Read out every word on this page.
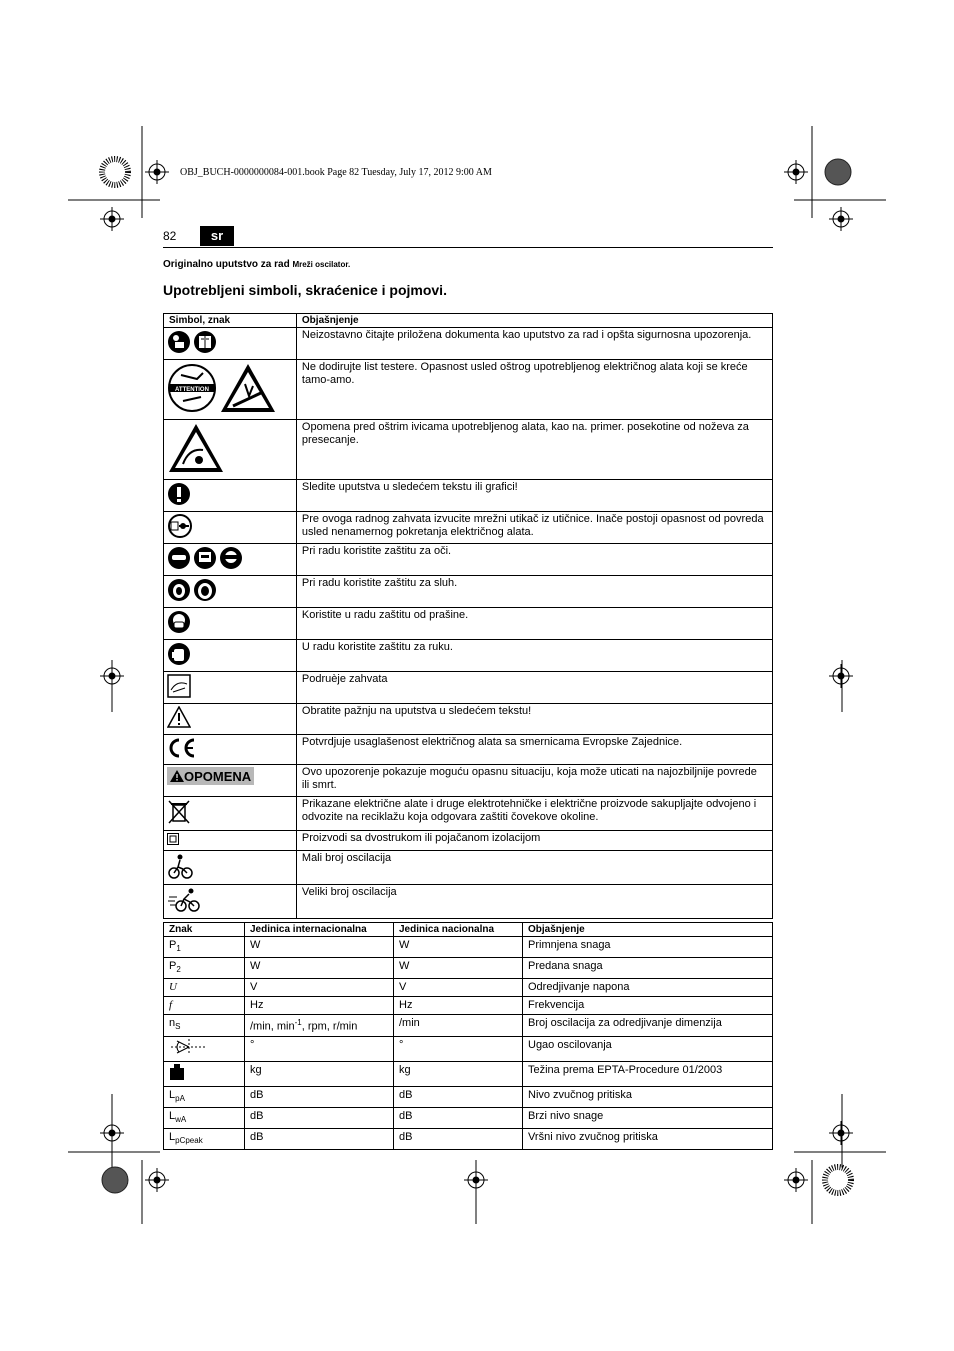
OBJ_BUCH-0000000084-001.book Page 82 Tuesday, July 17, 2012 9:00 AM
82	sr
Originalno uputstvo za rad Mreži oscilator.
Upotrebljeni simboli, skraćenice i pojmovi.
Simbol, znak	Objašnjenje
	Neizostavno čitajte priložena dokumenta kao uputstvo za rad i opšta sigurnosna upozorenja.

ATTENTION	Ne dodirujte list testere. Opasnost usled oštrog upotrebljenog električnog alata koji se kreće tamo-amo.
	Opomena pred oštrim ivicama upotrebljenog alata, kao na. primer. posekotine od noževa za presecanje.
	Sledite uputstva u sledećem tekstu ili grafici!
	Pre ovoga radnog zahvata izvucite mrežni utikač iz utičnice. Inače postoji opasnost od povreda usled nenamernog pokretanja električnog alata.
	Pri radu koristite zaštitu za oči.
	Pri radu koristite zaštitu za sluh.
	Koristite u radu zaštitu od prašine.
	U radu koristite zaštitu za ruku.
	Podruèje zahvata
	Obratite pažnju na uputstva u sledećem tekstu!
	Potvrdjuje usaglašenost električnog alata sa smernicama Evropske Zajednice.

OPOMENA	Ovo upozorenje pokazuje moguću opasnu situaciju, koja može uticati na najozbiljnije povrede ili smrt.
	Prikazane električne alate i druge elektrotehničke i električne proizvode sakupljajte odvojeno i odvozite na reciklažu koja odgovara zaštiti čovekove okoline.
	Proizvodi sa dvostrukom ili pojačanom izolacijom
	Mali broj oscilacija
	Veliki broj oscilacija
Znak	Jedinica internacionalna	Jedinica nacionalna	Objašnjenje
$P_1$	W	W	Primnjena snaga
$P_2$	W	W	Predana snaga
U	V	V	Odredjivanje napona
f	Hz	Hz	Frekvencija
$n_S$	/min, $\min^{-1}$, rpm, r/min	/min	Broj oscilacija za odredjivanje dimenzija
	°	°	Ugao oscilovanja
	kg	kg	Težina prema EPTA-Procedure 01/2003
$L_{pA}$	dB	dB	Nivo zvučnog pritiska
$L_{wA}$	dB	dB	Brzi nivo snage
$L_{pCpeak}$	dB	dB	Vršni nivo zvučnog pritiska
